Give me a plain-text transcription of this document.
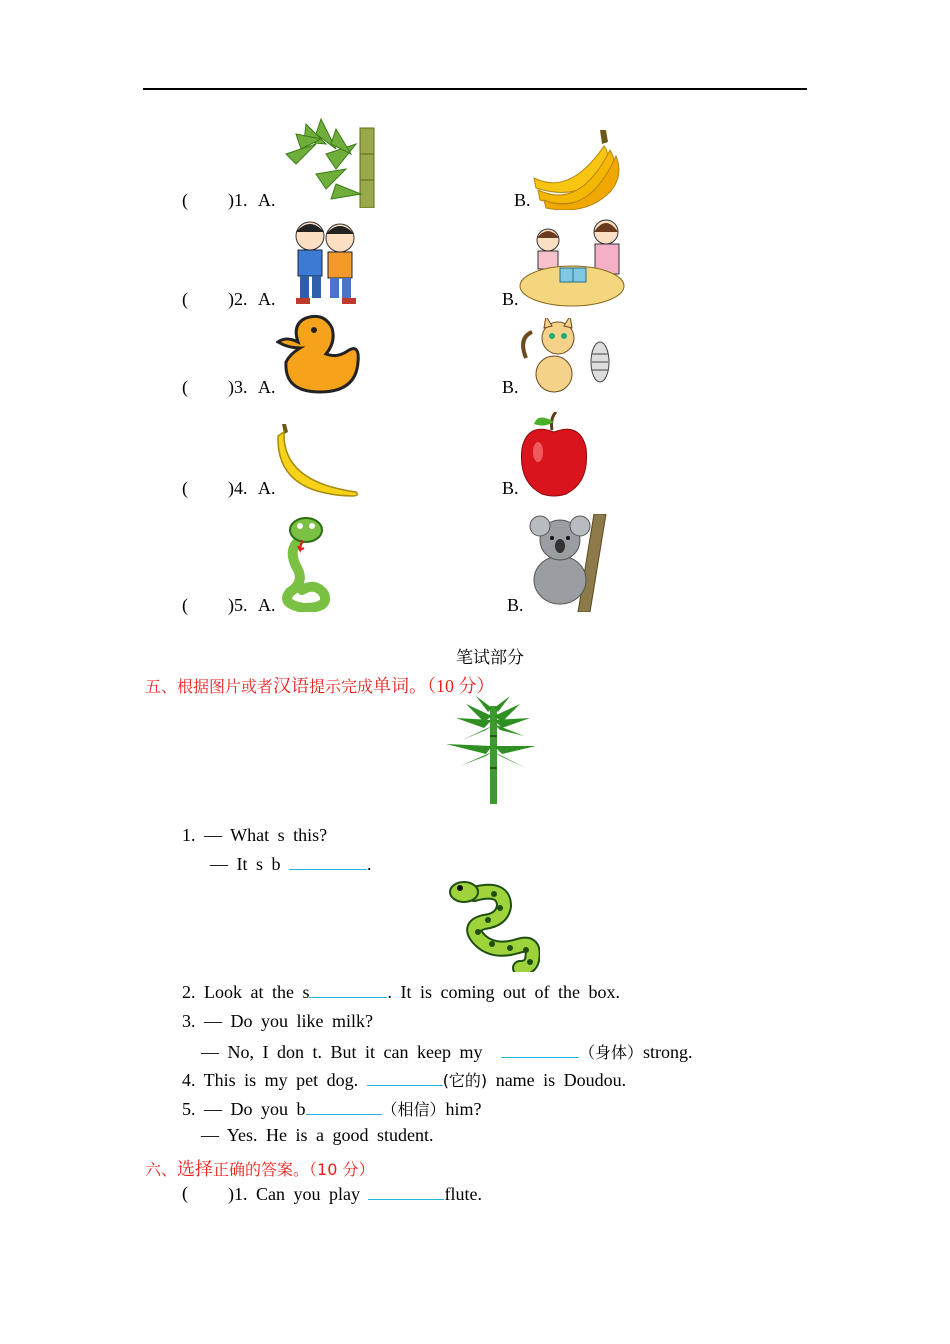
( )1. A.	B.
( )2. A.	B.
( )3. A.	B.
( )4. A.	B.
( )5. A.	B.
笔试部分
五、根据图片或者汉语提示完成单词。（10 分）
1. — What s this?
— It s b	.
2. Look at the s	. It is coming out of the box.
3. — Do you like milk?
— No, I don t. But it can keep my	（身体）strong.
4. This is my pet dog.	(它的) name is Doudou.
5. — Do you b	（相信）him?
— Yes. He is a good student.
六、选择正确的答案。（10 分）
( )1. Can you play	flute.
